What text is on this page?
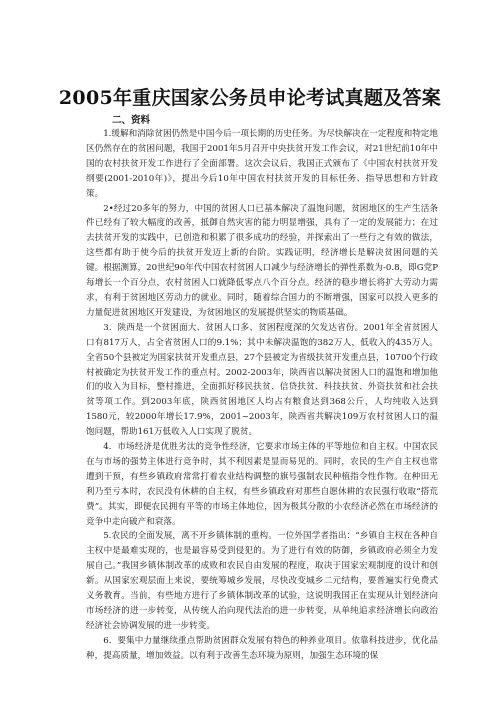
2005年重庆国家公务员申论考试真题及答案
二、资料

1.缓解和消除贫困仍然是中国今后一项长期的历史任务。为尽快解决在一定程度和特定地区仍然存在的贫困问题，我国于2001年5月召开中央扶贫开发工作会议，对21世纪前10年中国的农村扶贫开发工作进行了全面部署。这次会议后，我国正式颁布了《中国农村扶贫开发纲要(2001-2010年)》，提出今后10年中国农村扶贫开发的目标任务、指导思想和方针政策。

2•经过20多年的努力，中国的贫困人口已基本解决了温饱问题，贫困地区的生产生活条件已经有了较大幅度的改善，抵御自然灾害的能力明显增强，具有了一定的发展能力；在过去扶贫开发的实践中，已创造和积累了很多成功的经验，并探索出了一些行之有效的做法，这些都有助于使今后的扶贫开发迈上新的台阶。实践证明，经济增长是解决贫困问题的关键。根据测算，20世纪90年代中国农村贫困人口减少与经济增长的弹性系数为-0.8，即G党P每增长一个百分点，农村贫困人口就降低零点八个百分点。经济的稳步增长将扩大劳动力需求，有利于贫困地区劳动力的就业。同时，随着综合国力的不断增强，国家可以投入更多的力量促进贫困地区开发建设，为贫困地区的发展提供坚实的物质基础。

3．陕西是一个贫困面大、贫困人口多、贫困程度深的欠发达省份。2001年全省贫困人口有817万人，占全省贫困人口的9.1%；其中未解决温饱的382万人，低收入的435万人。全省50个县被定为国家扶贫开发重点县，27个县被定为省级扶贫开发重点县，10700个行政村被确定为扶贫开发工作的重点村。2002-2003年，陕西省以解决贫困人口的温饱和增加他们的收入为目标，整村推进，全面抓好移民扶贫、信贷扶贫、科技扶贫、外资扶贫和社会扶贫等项工作。到2003年底，陕西贫困地区人均占有粮食达到368公斤，人均纯收入达到1580元，较2000年增长17.9%，2001~2003年，陕西省共解决109万农村贫困人口的温饱问题，帮助161万低收入人口实现了脱贫。

4．市场经济是优胜劣汰的竞争性经济，它要求市场主体的平等地位和自主权。中国农民在与市场的强势主体进行竞争时，其不利因素是显而易见的。同时，农民的生产自主权也常遭到干预，有些乡镇政府常常打着农业结构调整的旗号强制农民种植指令性作物。在种田无利乃至亏本时，农民没有休耕的自主权，有些乡镇政府对那些自愿休耕的农民强行收取“搭荒费”。其实，即便农民拥有平等的市场主体地位，因为极其分散的小农经济必然在市场经济的竞争中走向破产和衰落。

5.农民的全面发展，离不开乡镇体制的重构。一位外国学者指出：“乡镇自主权在各种自主权中是最难实现的，也是最容易受到侵犯的。为了进行有效的防御，乡镇政府必须全力发展自己。”我国乡镇体制改革的成败和农民自由发展的程度，取决于国家宏观制度的设计和创新。从国家宏观层面上来说，要统筹城乡发展，尽快改变城乡二元结构，要普遍实行免费式义务教育。当前，有些地方进行了乡镇体制改革的试验，这说明我国正在实现从计划经济向市场经济的进一步转变，从传统人治向现代法治的进一步转变，从单纯追求经济增长向政治经济社会协调发展的进一步转变。

6．要集中力量继续重点帮助贫困群众发展有特色的种养业项目。依靠科技进步，优化品种，提高质量，增加效益。以有利于改善生态环境为原则，加强生态环境的保
